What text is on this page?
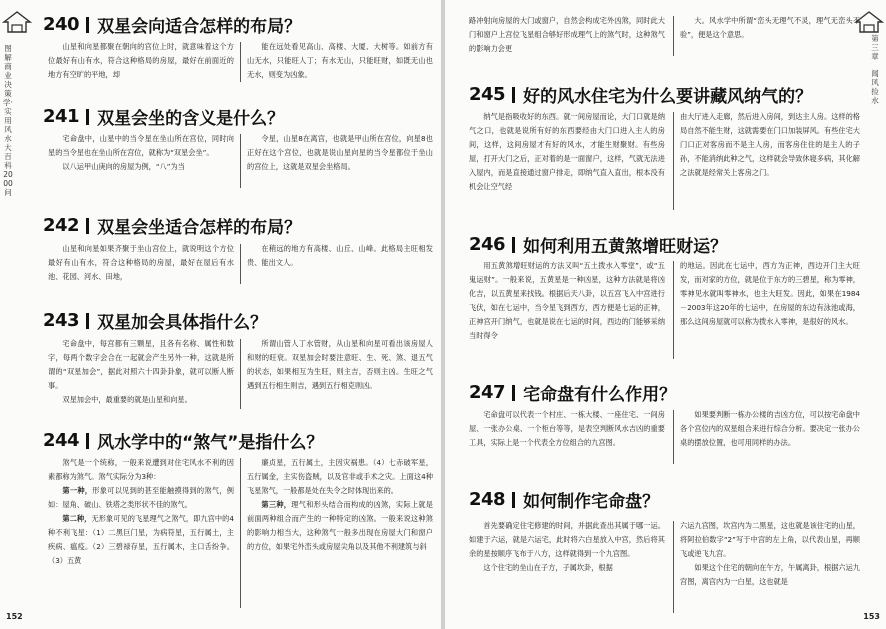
图解商业决策学·实用风水大百科2000问
240 双星会向适合怎样的布局？

山星和向星都聚在朝向的宫位上时，就意味着这个方位最好有山有水，符合这种格局的房屋，最好在前面近的地方有空旷的平地，却

能在远处看见高山、高楼、大厦、大树等。如前方有山无水，只能旺人丁；有水无山，只能旺财，如既无山也无水，则变为凶象。

241 双星会坐的含义是什么？

宅命盘中，山星中的当令星在坐山所在宫位，同时向星的当令星也在坐山所在宫位，就称为“双星会坐”。

以八运甲山庚向的房屋为例，“八”为当

令星，山星8在离宫，也就是甲山所在宫位，向星8也正好在这个宫位，也就是说山星向星的当令星都位于坐山的宫位上，这就是双星会坐格局。

242 双星会坐适合怎样的布局？

山星和向星如果齐聚于坐山宫位上，就说明这个方位最好有山有水，符合这种格局的房屋，最好在屋后有水池、花园、河水、田地，

在稍远的地方有高楼、山丘、山峰。此格局主旺相发贵、能出文人。

243 双星加会具体指什么？

宅命盘中，每宫都有三颗星，且各有名称、属性和数字，每两个数字会合在一起就会产生另外一种，这就是所谓的“双星加会”，据此对照六十四卦卦象，就可以断人断事。

双星加会中，最重要的就是山星和向星。

所谓山管人丁水管财，从山星和向星可看出该房屋人和财的旺衰。双星加会时要注意旺、生、死、煞、退五气的状态，如果相互为生旺，则主吉，否则主凶。生旺之气遇到五行相生则吉，遇到五行相克则凶。

244 风水学中的“煞气”是指什么？

煞气是一个统称，一般来说遭到对住宅风水不利的因素都称为煞气。煞气实际分为3种：

第一种，形象可以见到的甚至能触摸得到的煞气，例如：屋角、破山、铁塔之类形状不佳的煞气。

第二种，无形象可见的飞星理气之煞气，即九宫中的4种不利飞星：（1）二黑巨门星，为病符星，五行属土，主疾病、瘟疫。（2）三碧禄存星，五行属木，主口舌纷争。（3）五黄

廉贞星，五行属土，主因灾祸患。（4）七赤破军星，五行属金，主实伤盗贼，以及官非或手术之灾。上面这4种飞星煞气，一般都是处在失令之时体现出来的。

第三种，理气和形头结合而构成的凶煞，实际上就是前面两种组合而产生的一种特定的凶煞。一般来说这种煞的影响力相当大，这种煞气一般多出现在房屋大门和窗户的方位，如果宅外峦头或房屋尖角以及其他不利建筑与斜

152
第三章
闻风捡水

路冲射向房屋的大门或窗户，自然会构成宅外凶煞，同时此大门和窗户上宫位飞星组合够好形成理气上的煞气时，这种煞气的影响力会更

大。风水学中所谓“峦头无理气不灵，理气无峦头不验”，便是这个意思。

245 好的风水住宅为什么要讲藏风纳气的？

纳气是指吸收好的东西。就一间房屋而论，大门口就是纳气之口，也就是说所有好的东西要经由大门口进入主人的房间，这样，这间房屋才有好的风水，才能生财聚财。有些房屋，打开大门之后，正对着的是一面窗户，这样，气就无法进入屋内，而是直接通过窗户排走，即纳气直入直出，根本没有机会让空气经

由大厅进入走廊，然后进入房间，到达主人房。这样的格局自然不能生财，这就需要在门口加装屏风。有些住宅大门口正对客房而不是主人房，而客房住住的是主人的子孙，不能消纳此种之气，这样就会导致休寝多病，其化解之法就是经常关上客房之门。

246 如何利用五黄煞增旺财运？

用五黄煞增旺财运的方法又叫“五土拨水入零堂”，或“五鬼运财”。一般来说，五黄星是一种凶星，这种方法就是将凶化吉，以五黄星来找钱。根据后天八卦，以五宫飞入中宫进行飞伏，如在七运中，当令星飞到西方，西方便是七运的正神，正神宫开门纳气，也就是说在七运的时间，西边的门能够采纳当时得令

的地运。因此在七运中，西方为正神，西边开门主大旺发，而对家的方位，就是位于东方的三碧星，称为零神，零神见水就叫零神水，也主大旺发。因此，如果在1984－2003年这20年的七运中，在房屋的东边有泳池或海，那么这间房屋就可以称为拨水入零神，是很好的风水。

247 宅命盘有什么作用？

宅命盘可以代表一个村庄、一栋大楼、一座住宅、一间房屋、一张办公桌、一个柜台等等，是表空判断风水吉凶的重要工具，实际上是一个代表全方位组合的九宫图。

如果要判断一栋办公楼的吉凶方位，可以按宅命盘中各个宫位内的双星组合来进行综合分析。要决定一张办公桌的摆放位置，也可用同样的办法。

248 如何制作宅命盘？

首先要确定住宅修建的时间，并据此查出其属于哪一运。如建于六运，就是六运宅，此时将六白星放入中宫，然后将其余的星按顺序飞布于八方，这样就得到一个九宫图。

这个住宅的坐山在子方，子属坎卦，根据

六运九宫图，坎宫内为二黑星，这也就是该住宅的山星，将阿拉伯数字“2”写于中宫的左上角，以代表山星，再顺飞或逆飞九宫。

如果这个住宅的朝向在午方，午属离卦，根据六运九宫图，离宫内为一白星，这也就是

153
